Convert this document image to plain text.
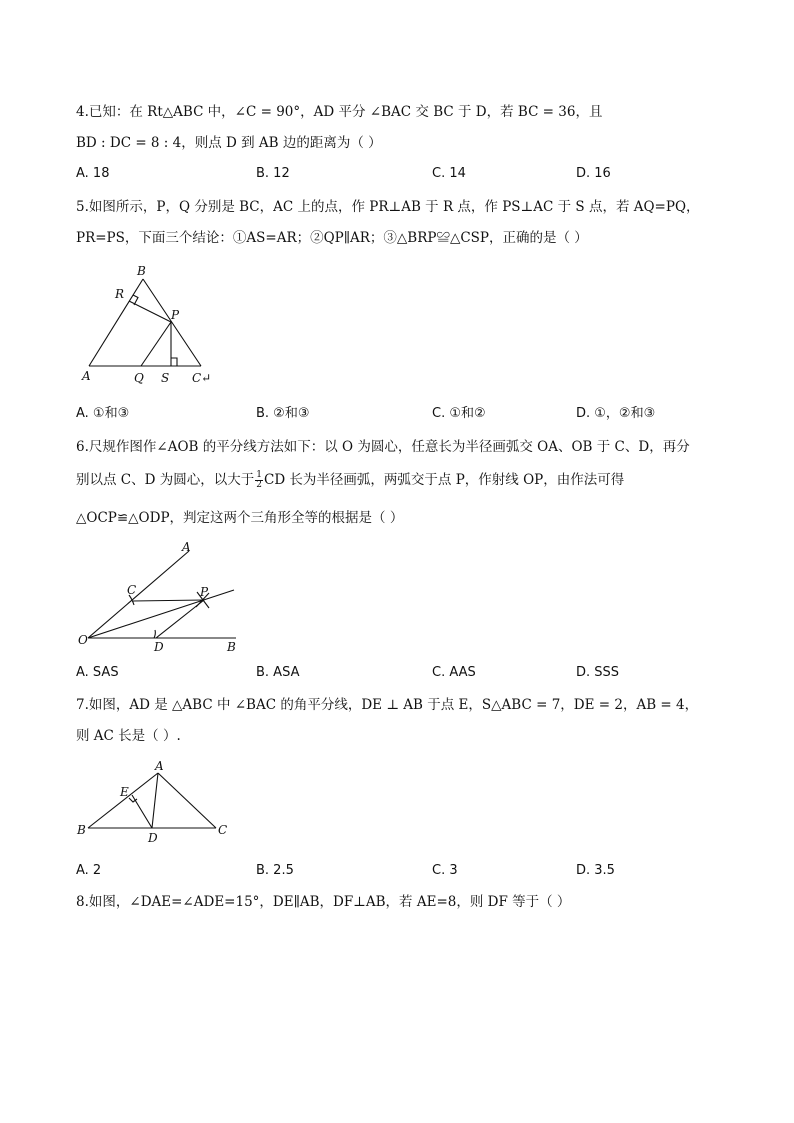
4.已知：在 Rt△ABC 中，∠C = 90°，AD 平分 ∠BAC 交 BC 于 D，若 BC = 36，且
BD : DC = 8 : 4，则点 D 到 AB 边的距离为（ ）
A. 18	B. 12	C. 14	D. 16
5.如图所示，P，Q 分别是 BC，AC 上的点，作 PR⊥AB 于 R 点，作 PS⊥AC 于 S 点，若 AQ=PQ，
PR=PS，下面三个结论：①AS=AR；②QP∥AR；③△BRP≌△CSP，正确的是（ ）
B
R
P
A	Q S C↵
A. ①和③	B. ②和③	C. ①和②	D. ①，②和③
6.尺规作图作∠AOB 的平分线方法如下：以 O 为圆心，任意长为半径画弧交 OA、OB 于 C、D，再分
别以点 C、D 为圆心，以大于 $\frac{1}{2}$ CD 长为半径画弧，两弧交于点 P，作射线 OP，由作法可得
△OCP≌△ODP，判定这两个三角形全等的根据是（ ）
A
C	P
O	D	B
A. SAS	B. ASA	C. AAS	D. SSS
7.如图，AD 是 △ABC 中 ∠BAC 的角平分线，DE ⊥ AB 于点 E，S△ABC = 7，DE = 2，AB = 4，
则 AC 长是（ ）.
A
E
B
D
C
A. 2	B. 2.5	C. 3	D. 3.5
8.如图，∠DAE=∠ADE=15°，DE∥AB，DF⊥AB，若 AE=8，则 DF 等于（ ）
